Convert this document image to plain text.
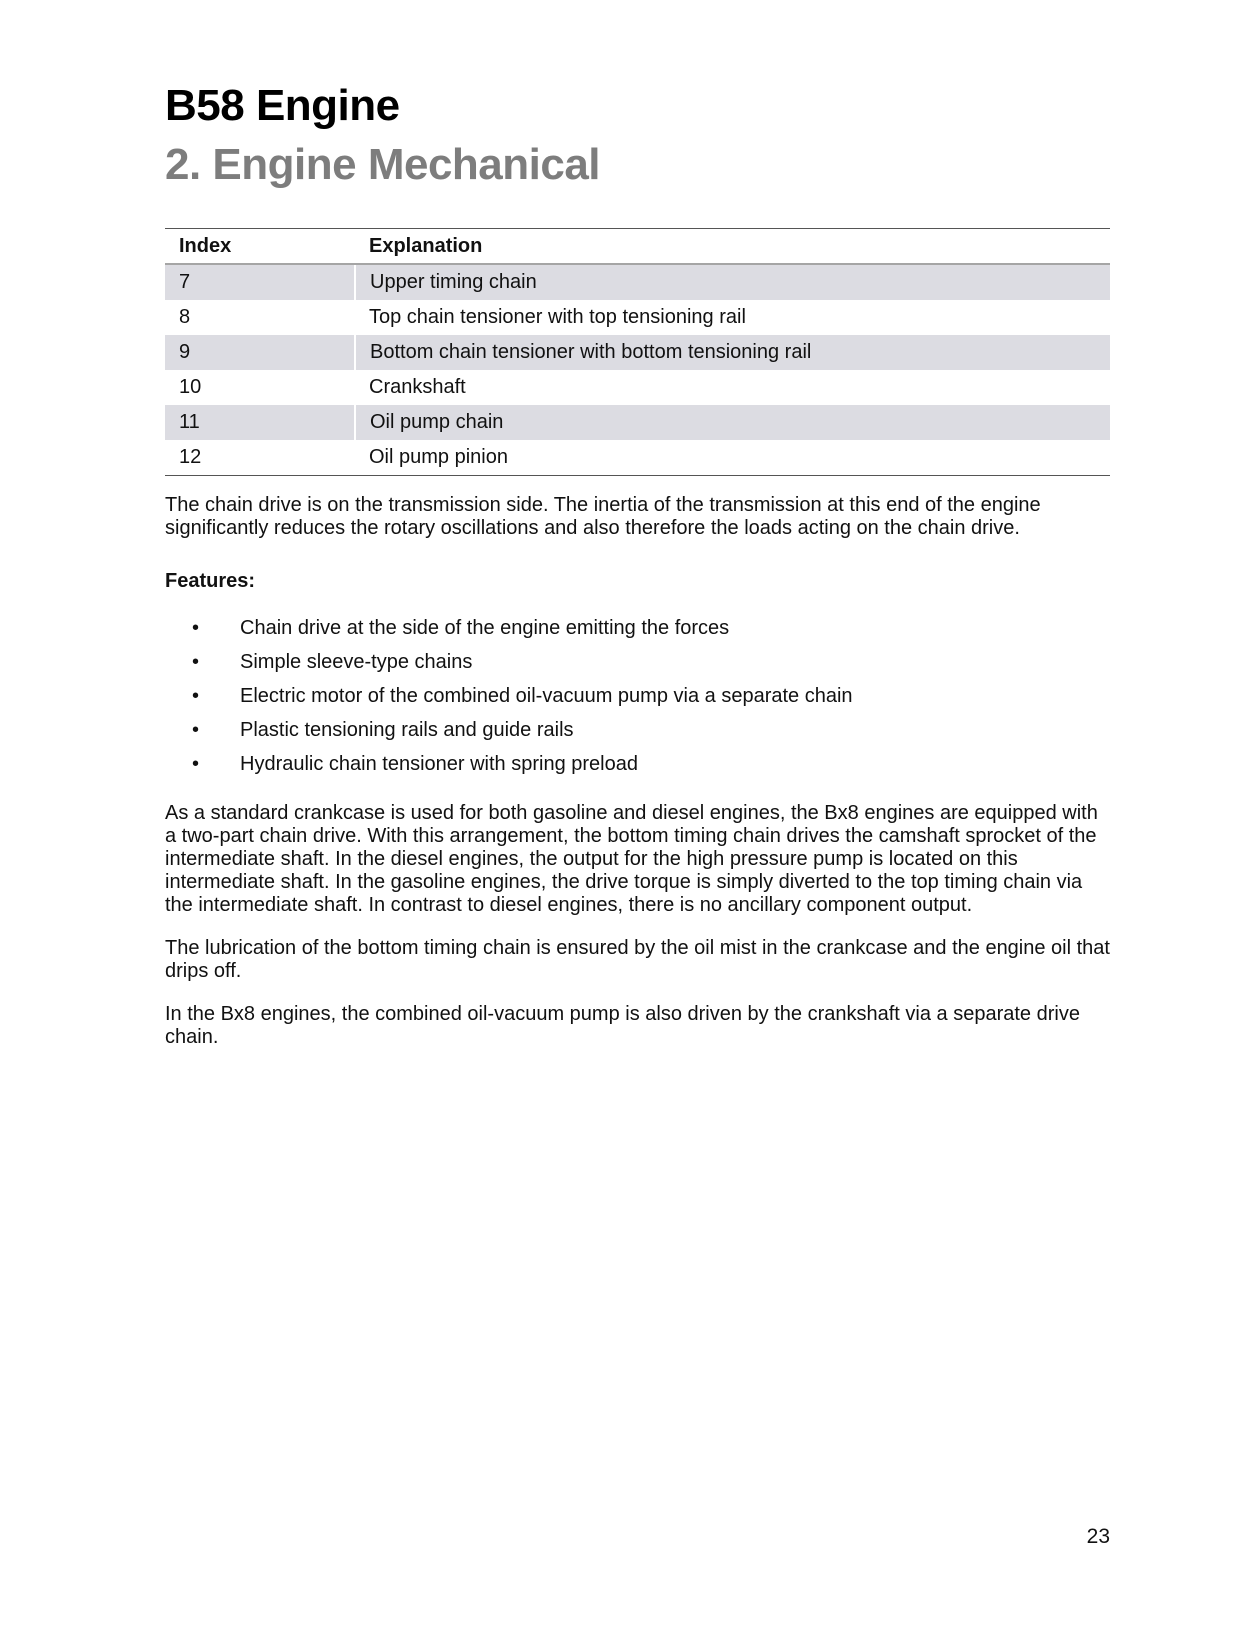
B58 Engine
2. Engine Mechanical
Index	Explanation
7	Upper timing chain
8	Top chain tensioner with top tensioning rail
9	Bottom chain tensioner with bottom tensioning rail
10	Crankshaft
11	Oil pump chain
12	Oil pump pinion

The chain drive is on the transmission side. The inertia of the transmission at this end of the engine significantly reduces the rotary oscillations and also therefore the loads acting on the chain drive.

Features:

• Chain drive at the side of the engine emitting the forces
• Simple sleeve-type chains
• Electric motor of the combined oil-vacuum pump via a separate chain
• Plastic tensioning rails and guide rails
• Hydraulic chain tensioner with spring preload

As a standard crankcase is used for both gasoline and diesel engines, the Bx8 engines are equipped with a two-part chain drive. With this arrangement, the bottom timing chain drives the camshaft sprocket of the intermediate shaft. In the diesel engines, the output for the high pressure pump is located on this intermediate shaft. In the gasoline engines, the drive torque is simply diverted to the top timing chain via the intermediate shaft. In contrast to diesel engines, there is no ancillary component output.

The lubrication of the bottom timing chain is ensured by the oil mist in the crankcase and the engine oil that drips off.

In the Bx8 engines, the combined oil-vacuum pump is also driven by the crankshaft via a separate drive chain.

23
